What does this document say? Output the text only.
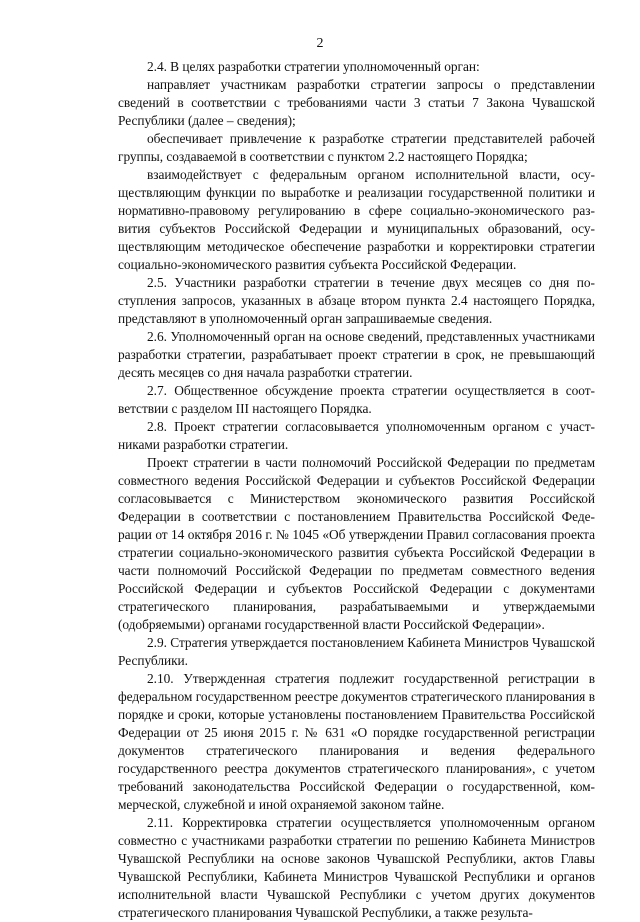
2

2.4. В целях разработки стратегии уполномоченный орган:

направляет участникам разработки стратегии запросы о представлении сведений в соответствии с требованиями части 3 статьи 7 Закона Чувашской Республики (далее – сведения);

обеспечивает привлечение к разработке стратегии представителей рабочей группы, создаваемой в соответствии с пунктом 2.2 настоящего Порядка;

взаимодействует с федеральным органом исполнительной власти, осуществляющим функции по выработке и реализации государственной политики и нормативно-правовому регулированию в сфере социально-экономического развития субъектов Российской Федерации и муниципальных образований, осуществляющим методическое обеспечение разработки и корректировки стратегии социально-экономического развития субъекта Российской Федерации.

2.5. Участники разработки стратегии в течение двух месяцев со дня поступления запросов, указанных в абзаце втором пункта 2.4 настоящего Порядка, представляют в уполномоченный орган запрашиваемые сведения.

2.6. Уполномоченный орган на основе сведений, представленных участниками разработки стратегии, разрабатывает проект стратегии в срок, не превышающий десять месяцев со дня начала разработки стратегии.

2.7. Общественное обсуждение проекта стратегии осуществляется в соответствии с разделом III настоящего Порядка.

2.8. Проект стратегии согласовывается уполномоченным органом с участниками разработки стратегии.

Проект стратегии в части полномочий Российской Федерации по предметам совместного ведения Российской Федерации и субъектов Российской Федерации согласовывается с Министерством экономического развития Российской Федерации в соответствии с постановлением Правительства Российской Федерации от 14 октября 2016 г. № 1045 «Об утверждении Правил согласования проекта стратегии социально-экономического развития субъекта Российской Федерации в части полномочий Российской Федерации по предметам совместного ведения Российской Федерации и субъектов Российской Федерации с документами стратегического планирования, разрабатываемыми и утверждаемыми (одобряемыми) органами государственной власти Российской Федерации».

2.9. Стратегия утверждается постановлением Кабинета Министров Чувашской Республики.

2.10. Утвержденная стратегия подлежит государственной регистрации в федеральном государственном реестре документов стратегического планирования в порядке и сроки, которые установлены постановлением Правительства Российской Федерации от 25 июня 2015 г. № 631 «О порядке государственной регистрации документов стратегического планирования и ведения федерального государственного реестра документов стратегического планирования», с учетом требований законодательства Российской Федерации о государственной, коммерческой, служебной и иной охраняемой законом тайне.

2.11. Корректировка стратегии осуществляется уполномоченным органом совместно с участниками разработки стратегии по решению Кабинета Министров Чувашской Республики на основе законов Чувашской Республики, актов Главы Чувашской Республики, Кабинета Министров Чувашской Республики и органов исполнительной власти Чувашской Республики с учетом других документов стратегического планирования Чувашской Республики, а также результа-
